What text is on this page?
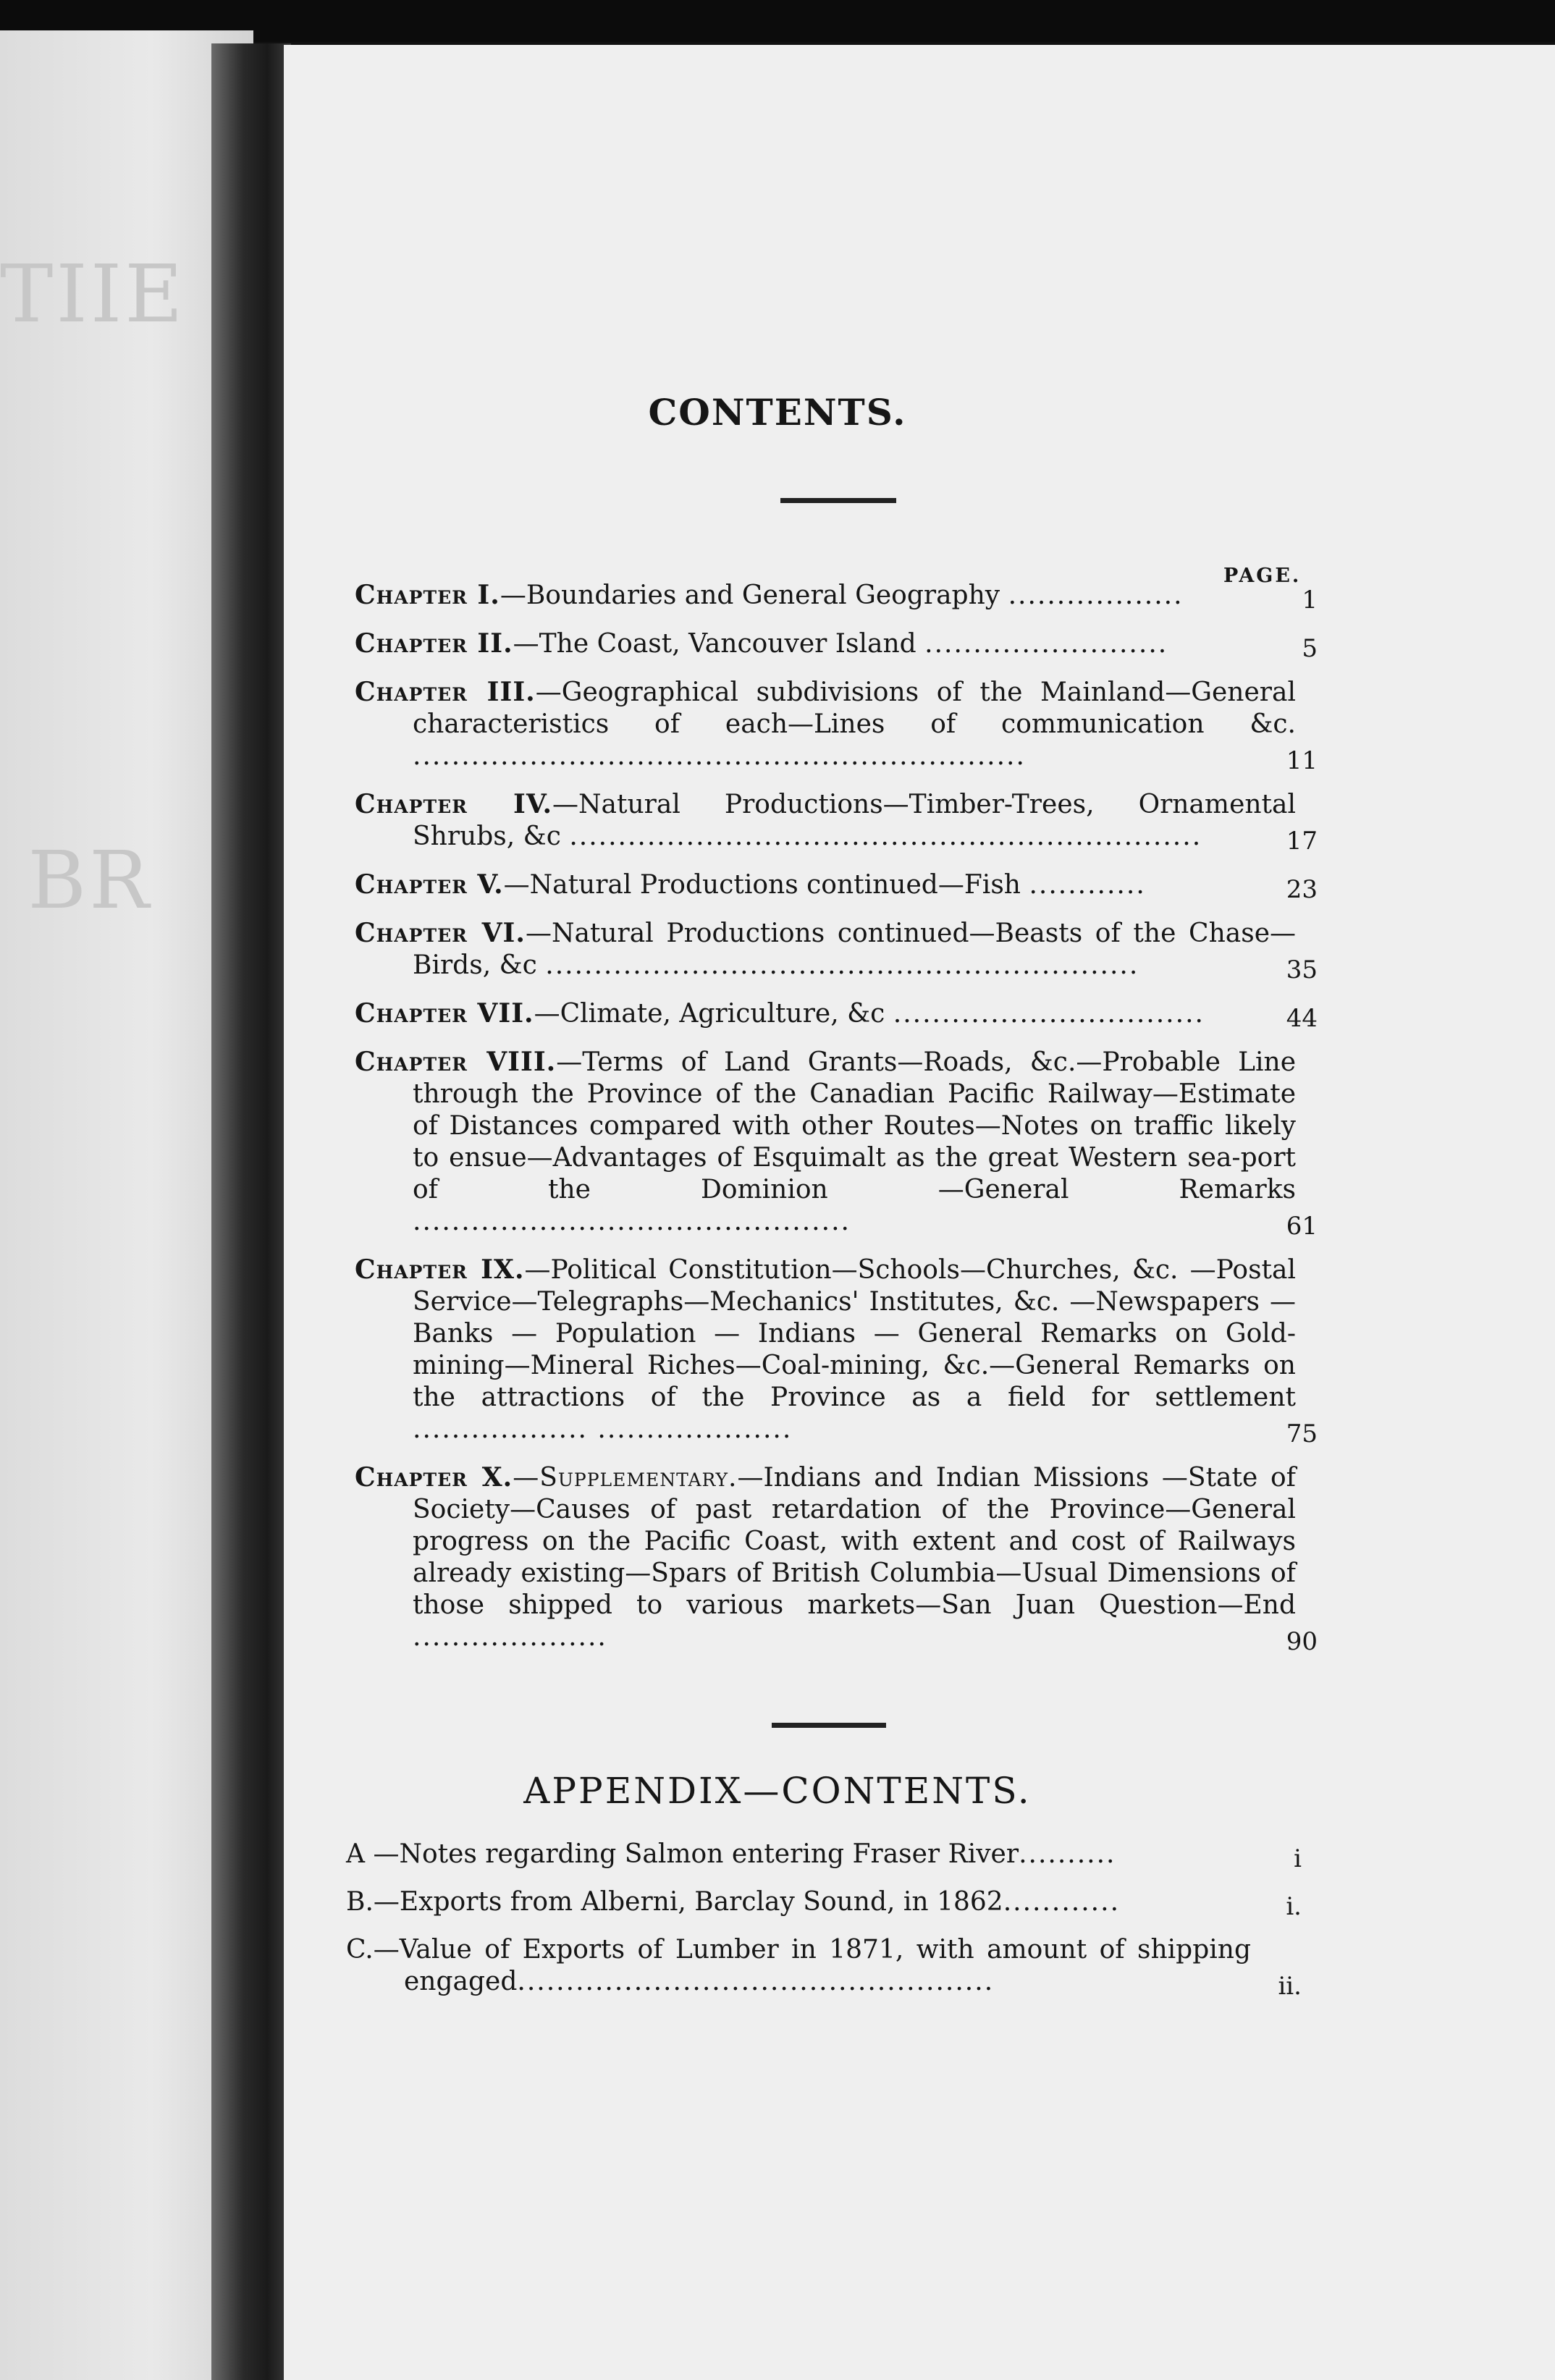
TIIE
BR
CONTENTS.
PAGE.
Chapter I.—Boundaries and General Geography ..................	1
Chapter II.—The Coast, Vancouver Island .........................	5
Chapter III.—Geographical subdivisions of the Mainland—General characteristics of each—Lines of communication &c. ...............................................................	11
Chapter IV.—Natural Productions—Timber-Trees, Ornamental Shrubs, &c .................................................................	17
Chapter V.—Natural Productions continued—Fish ............	23
Chapter VI.—Natural Productions continued—Beasts of the Chase—Birds, &c .............................................................	35
Chapter VII.—Climate, Agriculture, &c ................................	44
Chapter VIII.—Terms of Land Grants—Roads, &c.—Probable Line through the Province of the Canadian Pacific Railway—Estimate of Distances compared with other Routes—Notes on traffic likely to ensue—Advantages of Esquimalt as the great Western sea-port of the Dominion —General Remarks .............................................	61
Chapter IX.—Political Constitution—Schools—Churches, &c. —Postal Service—Telegraphs—Mechanics' Institutes, &c. —Newspapers — Banks — Population — Indians — General Remarks on Gold-mining—Mineral Riches—Coal-mining, &c.—General Remarks on the attractions of the Province as a field for settlement .................. ....................	75
Chapter X.—Supplementary.—Indians and Indian Missions —State of Society—Causes of past retardation of the Province—General progress on the Pacific Coast, with extent and cost of Railways already existing—Spars of British Columbia—Usual Dimensions of those shipped to various markets—San Juan Question—End ....................	90
APPENDIX—CONTENTS.
A —Notes regarding Salmon entering Fraser River..........	i
B.—Exports from Alberni, Barclay Sound, in 1862............	i.
C.—Value of Exports of Lumber in 1871, with amount of shipping engaged.................................................	ii.
